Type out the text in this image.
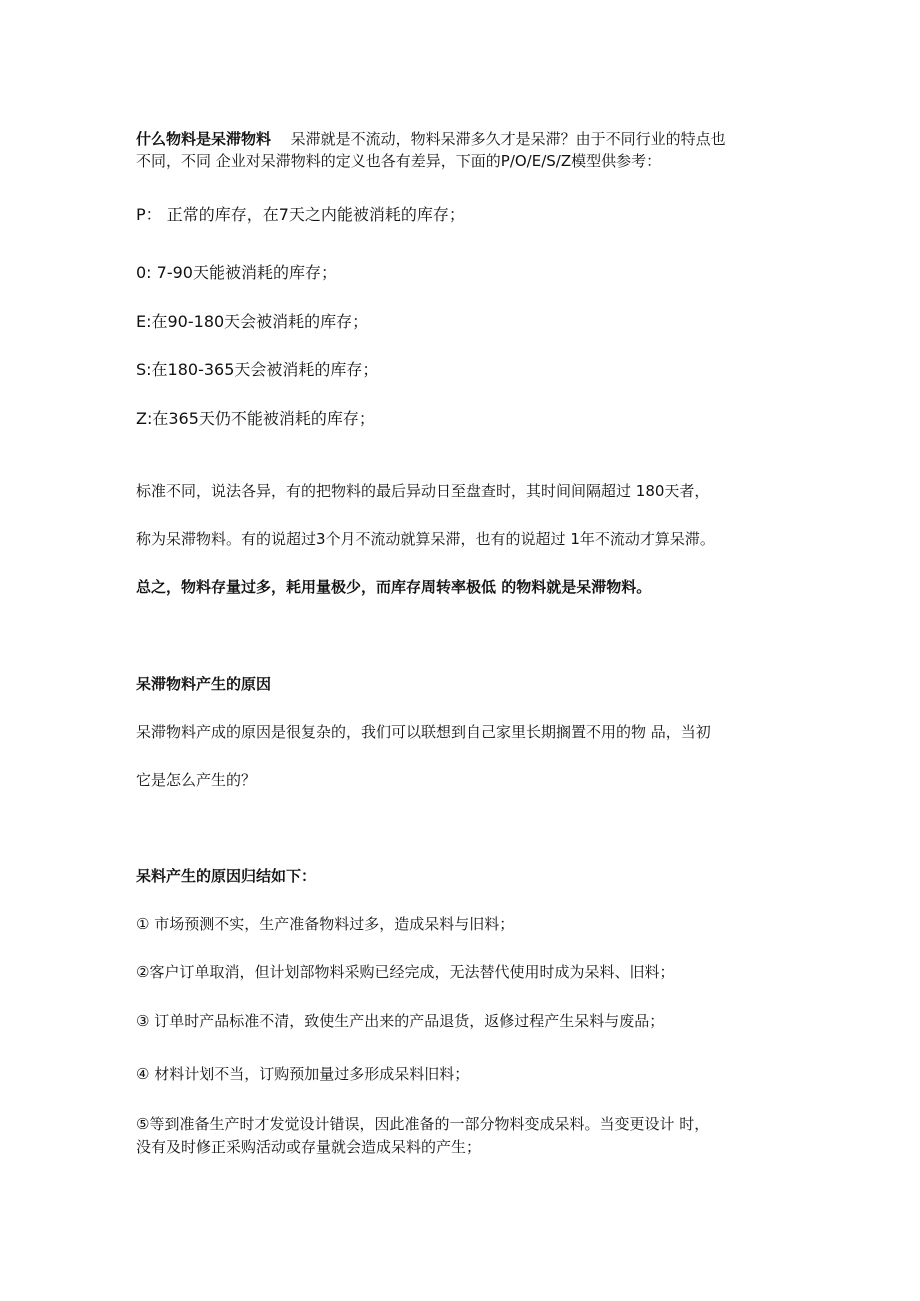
什么物料是呆滞物料 呆滞就是不流动，物料呆滞多久才是呆滞？由于不同行业的特点也
不同，不同 企业对呆滞物料的定义也各有差异，下面的P/O/E/S/Z模型供参考：
P： 正常的库存，在7天之内能被消耗的库存；
0: 7-90天能被消耗的库存；
E:在90-180天会被消耗的库存；
S:在180-365天会被消耗的库存；
Z:在365天仍不能被消耗的库存；
标准不同，说法各异，有的把物料的最后异动日至盘查时，其时间间隔超过 180天者，
称为呆滞物料。有的说超过3个月不流动就算呆滞，也有的说超过 1年不流动才算呆滞。
总之，物料存量过多，耗用量极少，而库存周转率极低 的物料就是呆滞物料。
呆滞物料产生的原因
呆滞物料产成的原因是很复杂的，我们可以联想到自己家里长期搁置不用的物 品，当初
它是怎么产生的？
呆料产生的原因归结如下：
① 市场预测不实，生产准备物料过多，造成呆料与旧料；
②客户订单取消，但计划部物料采购已经完成，无法替代使用时成为呆料、旧料；
③ 订单时产品标准不清，致使生产出来的产品退货，返修过程产生呆料与废品；
④ 材料计划不当，订购预加量过多形成呆料旧料；
⑤等到准备生产时才发觉设计错误，因此准备的一部分物料变成呆料。当变更设计 时，
没有及时修正采购活动或存量就会造成呆料的产生；
